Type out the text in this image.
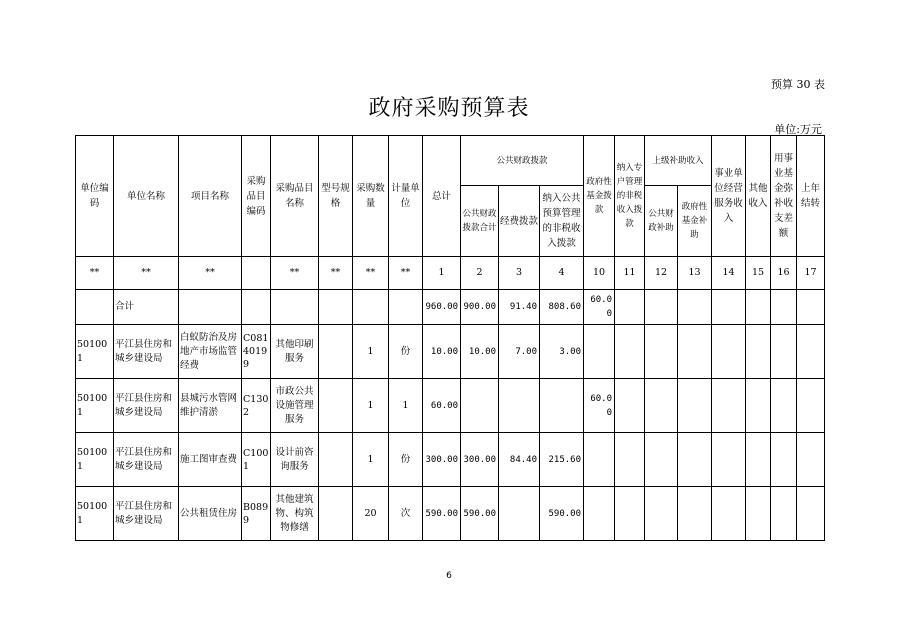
预算 30 表
政府采购预算表
单位:万元
单位编码	单位名称	项目名称	采购品目编码	采购品目名称	型号规格	采购数量	计量单位	总计	公共财政拨款			政府性基金拨款	纳入专户管理的非税收入拨款	上级补助收入		事业单位经营服务收入	其他收入	用事业基金弥补收支差额	上年结转
									公共财政拨款合计	经费拨款	纳入公共预算管理的非税收入拨款			公共财政补助	政府性基金补助				
**	**	**		**	**	**	**	1	2	3	4	10	11	12	13	14	15	16	17
	合计							960.00	900.00	91.40	808.60	60.00							
501001	平江县住房和城乡建设局	白蚁防治及房地产市场监管经费	C0814019 9	其他印刷服务		1	份	10.00	10.00	7.00	3.00								
501001	平江县住房和城乡建设局	县城污水管网维护清淤	C1302	市政公共设施管理服务		1	1	60.00				60.00							
501001	平江县住房和城乡建设局	施工图审查费	C1001	设计前咨询服务		1	份	300.00	300.00	84.40	215.60								
501001	平江县住房和城乡建设局	公共租赁住房	B0899	其他建筑物、构筑物修缮		20	次	590.00	590.00		590.00								
6
